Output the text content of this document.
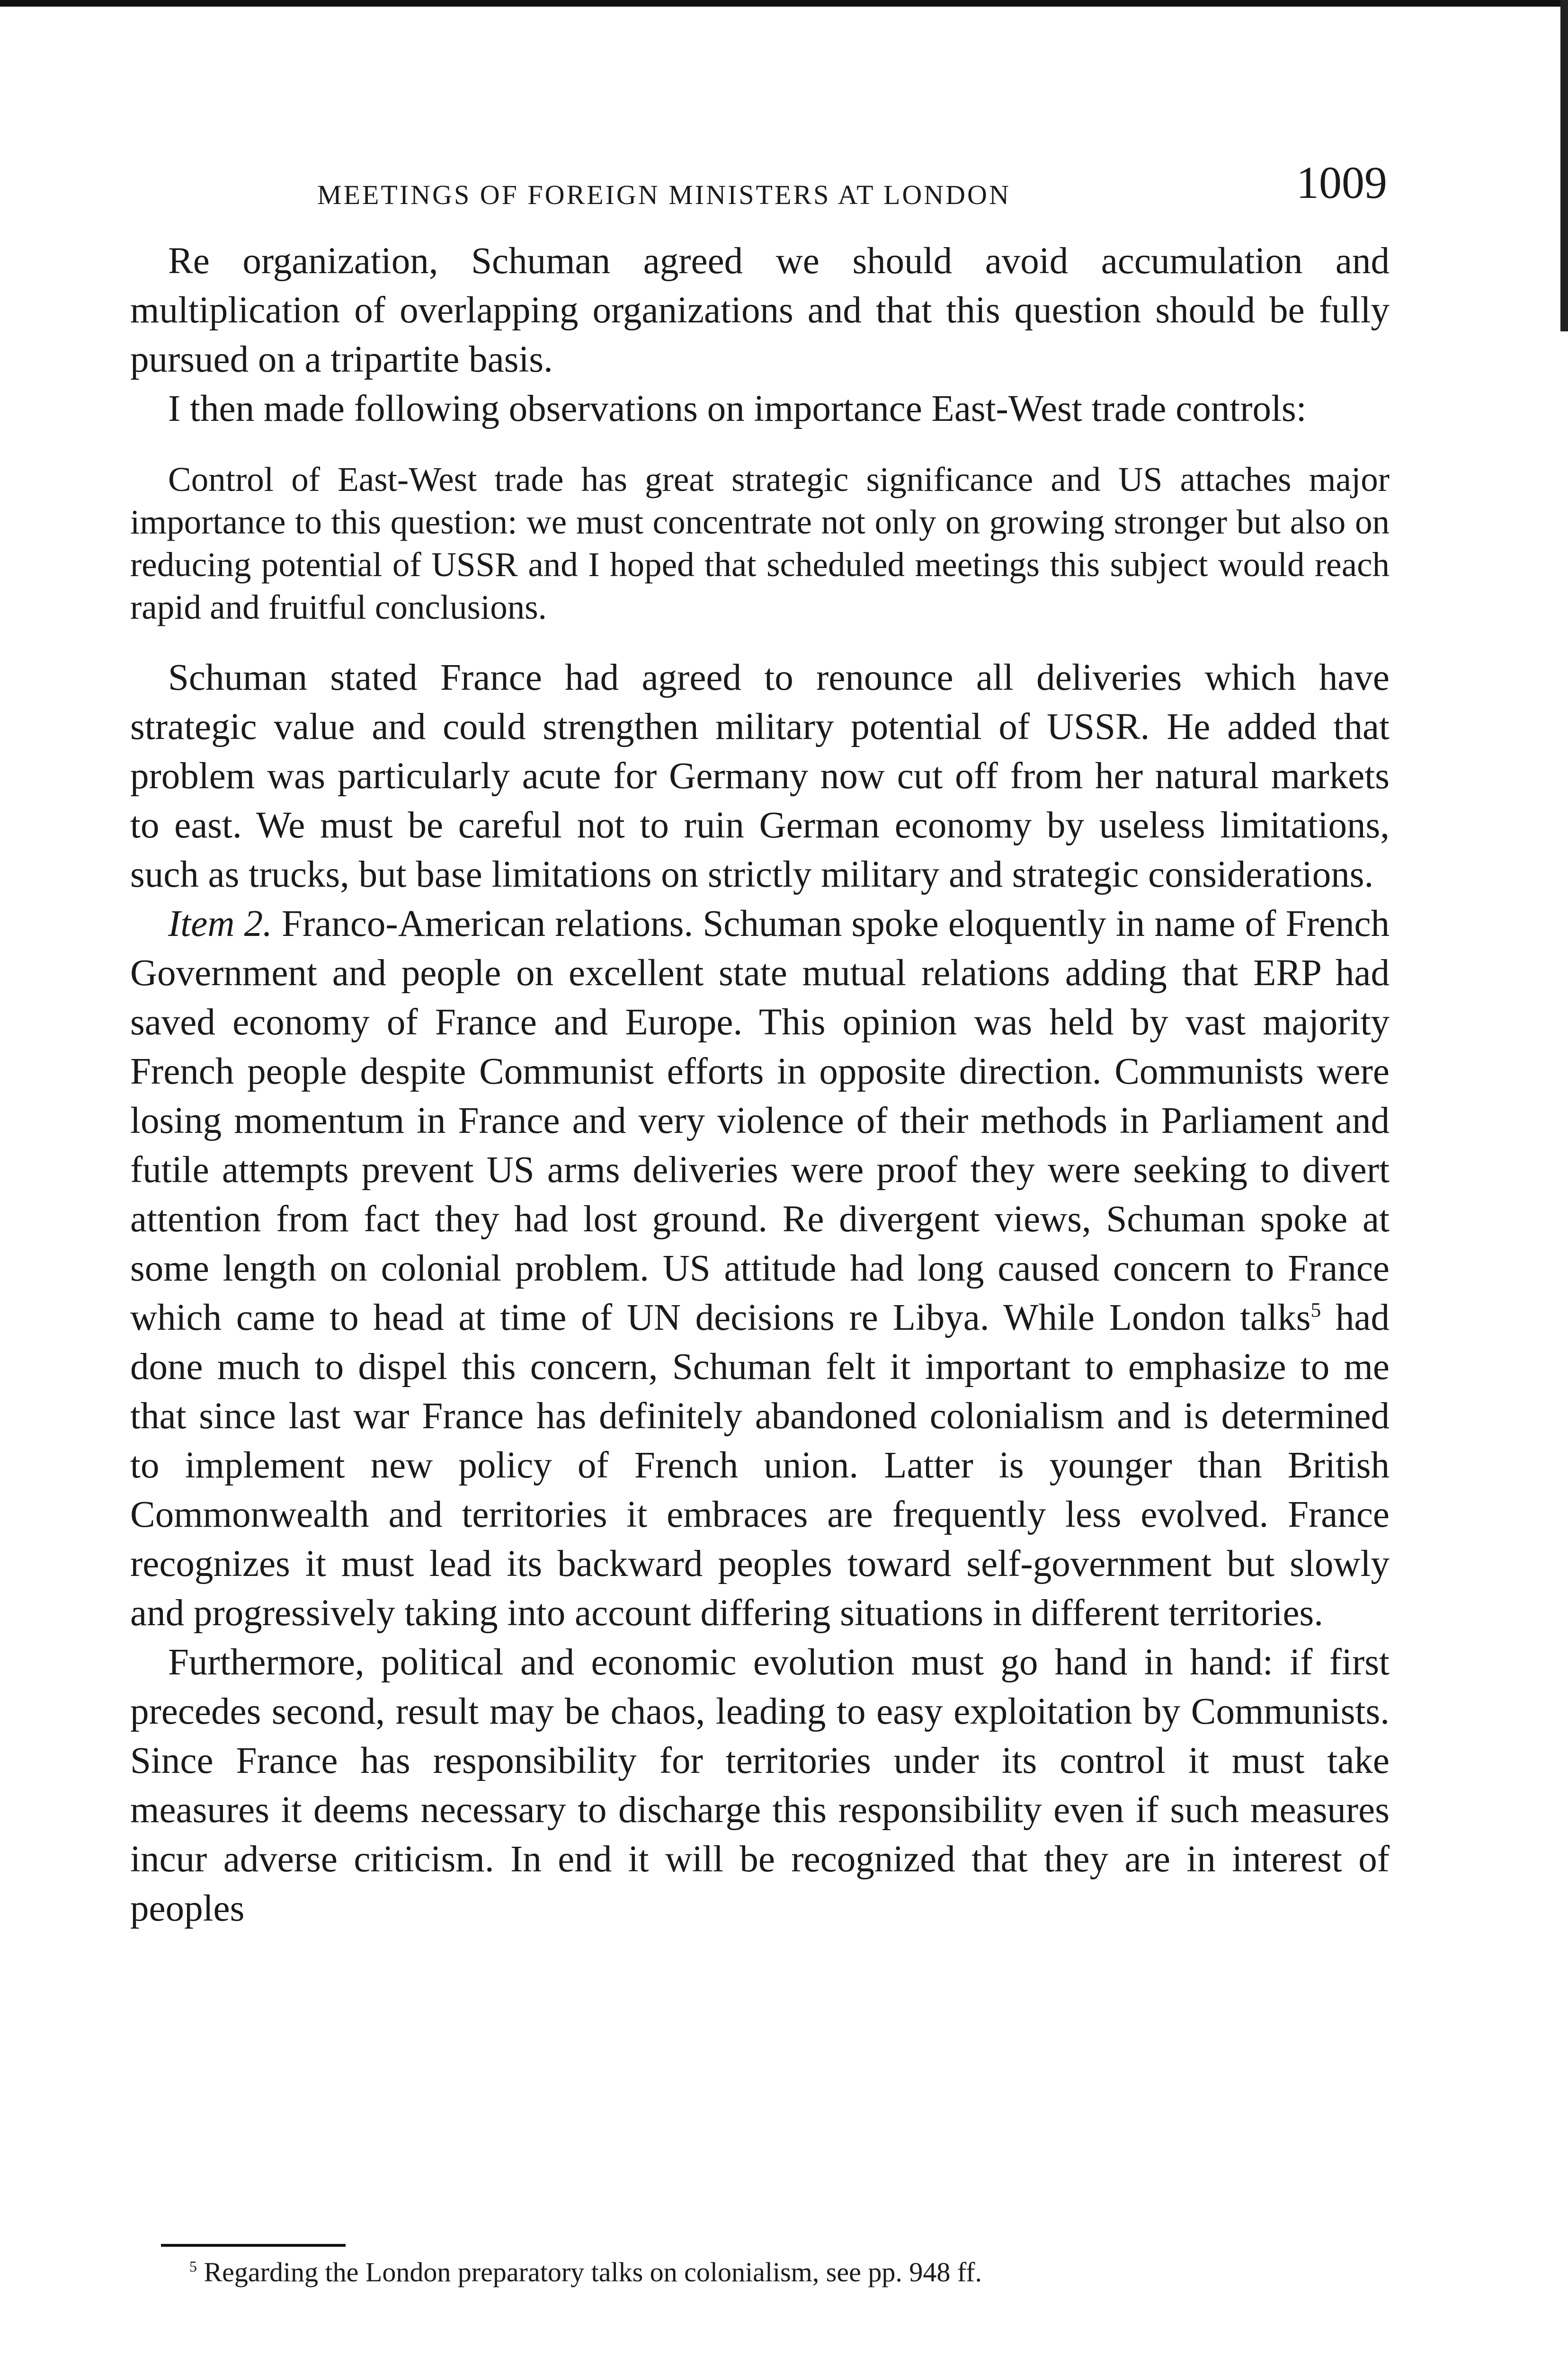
MEETINGS OF FOREIGN MINISTERS AT LONDON	1009

Re organization, Schuman agreed we should avoid accumulation and multiplication of overlapping organizations and that this question should be fully pursued on a tripartite basis.

I then made following observations on importance East-West trade controls:

Control of East-West trade has great strategic significance and US attaches major importance to this question: we must concentrate not only on growing stronger but also on reducing potential of USSR and I hoped that scheduled meetings this subject would reach rapid and fruitful conclusions.

Schuman stated France had agreed to renounce all deliveries which have strategic value and could strengthen military potential of USSR. He added that problem was particularly acute for Germany now cut off from her natural markets to east. We must be careful not to ruin German economy by useless limitations, such as trucks, but base limitations on strictly military and strategic considerations.

Item 2. Franco-American relations. Schuman spoke eloquently in name of French Government and people on excellent state mutual relations adding that ERP had saved economy of France and Europe. This opinion was held by vast majority French people despite Communist efforts in opposite direction. Communists were losing momentum in France and very violence of their methods in Parliament and futile attempts prevent US arms deliveries were proof they were seeking to divert attention from fact they had lost ground. Re divergent views, Schuman spoke at some length on colonial problem. US attitude had long caused concern to France which came to head at time of UN decisions re Libya. While London talks$^5$ had done much to dispel this concern, Schuman felt it important to emphasize to me that since last war France has definitely abandoned colonialism and is determined to implement new policy of French union. Latter is younger than British Commonwealth and territories it embraces are frequently less evolved. France recognizes it must lead its backward peoples toward self-government but slowly and progressively taking into account differing situations in different territories.

Furthermore, political and economic evolution must go hand in hand: if first precedes second, result may be chaos, leading to easy exploitation by Communists. Since France has responsibility for territories under its control it must take measures it deems necessary to discharge this responsibility even if such measures incur adverse criticism. In end it will be recognized that they are in interest of peoples

$^5$ Regarding the London preparatory talks on colonialism, see pp. 948 ff.
